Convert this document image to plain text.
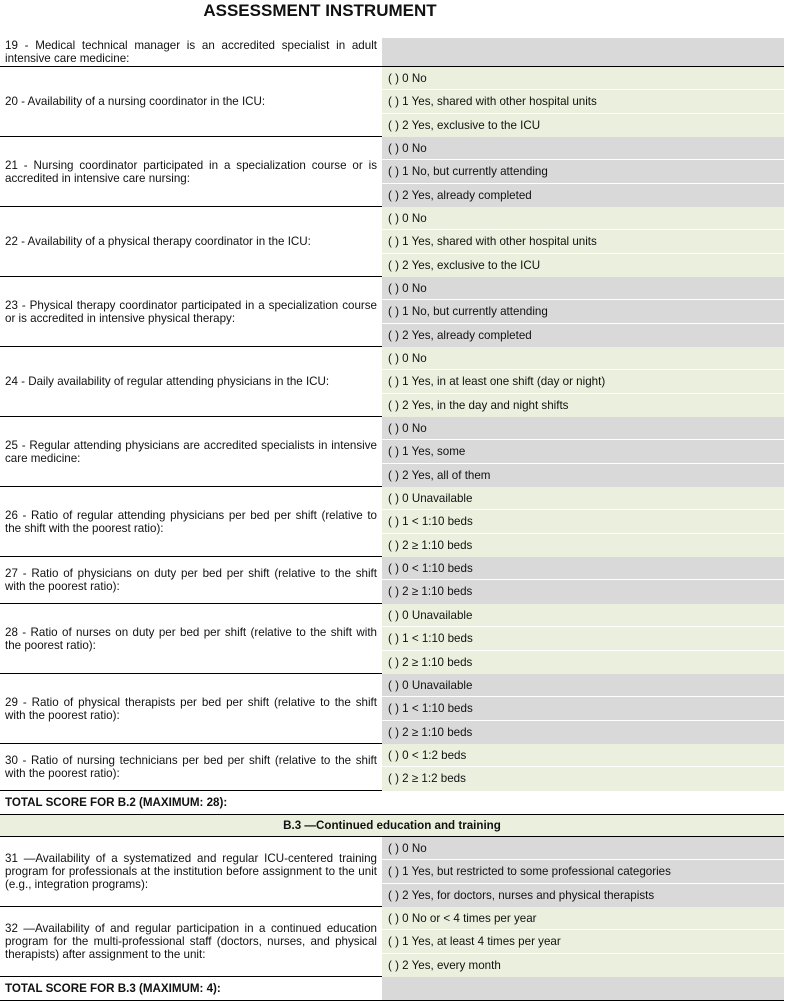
ASSESSMENT INSTRUMENT
19 - Medical technical manager is an accredited specialist in adult intensive care medicine:
20 - Availability of a nursing coordinator in the ICU:
( ) 0 No
( ) 1 Yes, shared with other hospital units
( ) 2 Yes, exclusive to the ICU
21 - Nursing coordinator participated in a specialization course or is accredited in intensive care nursing:
( ) 0 No
( ) 1 No, but currently attending
( ) 2 Yes, already completed
22 - Availability of a physical therapy coordinator in the ICU:
( ) 0 No
( ) 1 Yes, shared with other hospital units
( ) 2 Yes, exclusive to the ICU
23 - Physical therapy coordinator participated in a specialization course or is accredited in intensive physical therapy:
( ) 0 No
( ) 1 No, but currently attending
( ) 2 Yes, already completed
24 - Daily availability of regular attending physicians in the ICU:
( ) 0 No
( ) 1 Yes, in at least one shift (day or night)
( ) 2 Yes, in the day and night shifts
25 - Regular attending physicians are accredited specialists in intensive care medicine:
( ) 0 No
( ) 1 Yes, some
( ) 2 Yes, all of them
26 - Ratio of regular attending physicians per bed per shift (relative to the shift with the poorest ratio):
( ) 0 Unavailable
( ) 1 < 1:10 beds
( ) 2 ≥ 1:10 beds
27 - Ratio of physicians on duty per bed per shift (relative to the shift with the poorest ratio):
( ) 0 < 1:10 beds
( ) 2 ≥ 1:10 beds
28 - Ratio of nurses on duty per bed per shift (relative to the shift with the poorest ratio):
( ) 0 Unavailable
( ) 1 < 1:10 beds
( ) 2 ≥ 1:10 beds
29 - Ratio of physical therapists per bed per shift (relative to the shift with the poorest ratio):
( ) 0 Unavailable
( ) 1 < 1:10 beds
( ) 2 ≥ 1:10 beds
30 - Ratio of nursing technicians per bed per shift (relative to the shift with the poorest ratio):
( ) 0 < 1:2 beds
( ) 2 ≥ 1:2 beds
TOTAL SCORE FOR B.2 (MAXIMUM: 28):
B.3 —Continued education and training
31 —Availability of a systematized and regular ICU-centered training program for professionals at the institution before assignment to the unit (e.g., integration programs):
( ) 0 No
( ) 1 Yes, but restricted to some professional categories
( ) 2 Yes, for doctors, nurses and physical therapists
32 —Availability of and regular participation in a continued education program for the multi-professional staff (doctors, nurses, and physical therapists) after assignment to the unit:
( ) 0 No or < 4 times per year
( ) 1 Yes, at least 4 times per year
( ) 2 Yes, every month
TOTAL SCORE FOR B.3 (MAXIMUM: 4):
